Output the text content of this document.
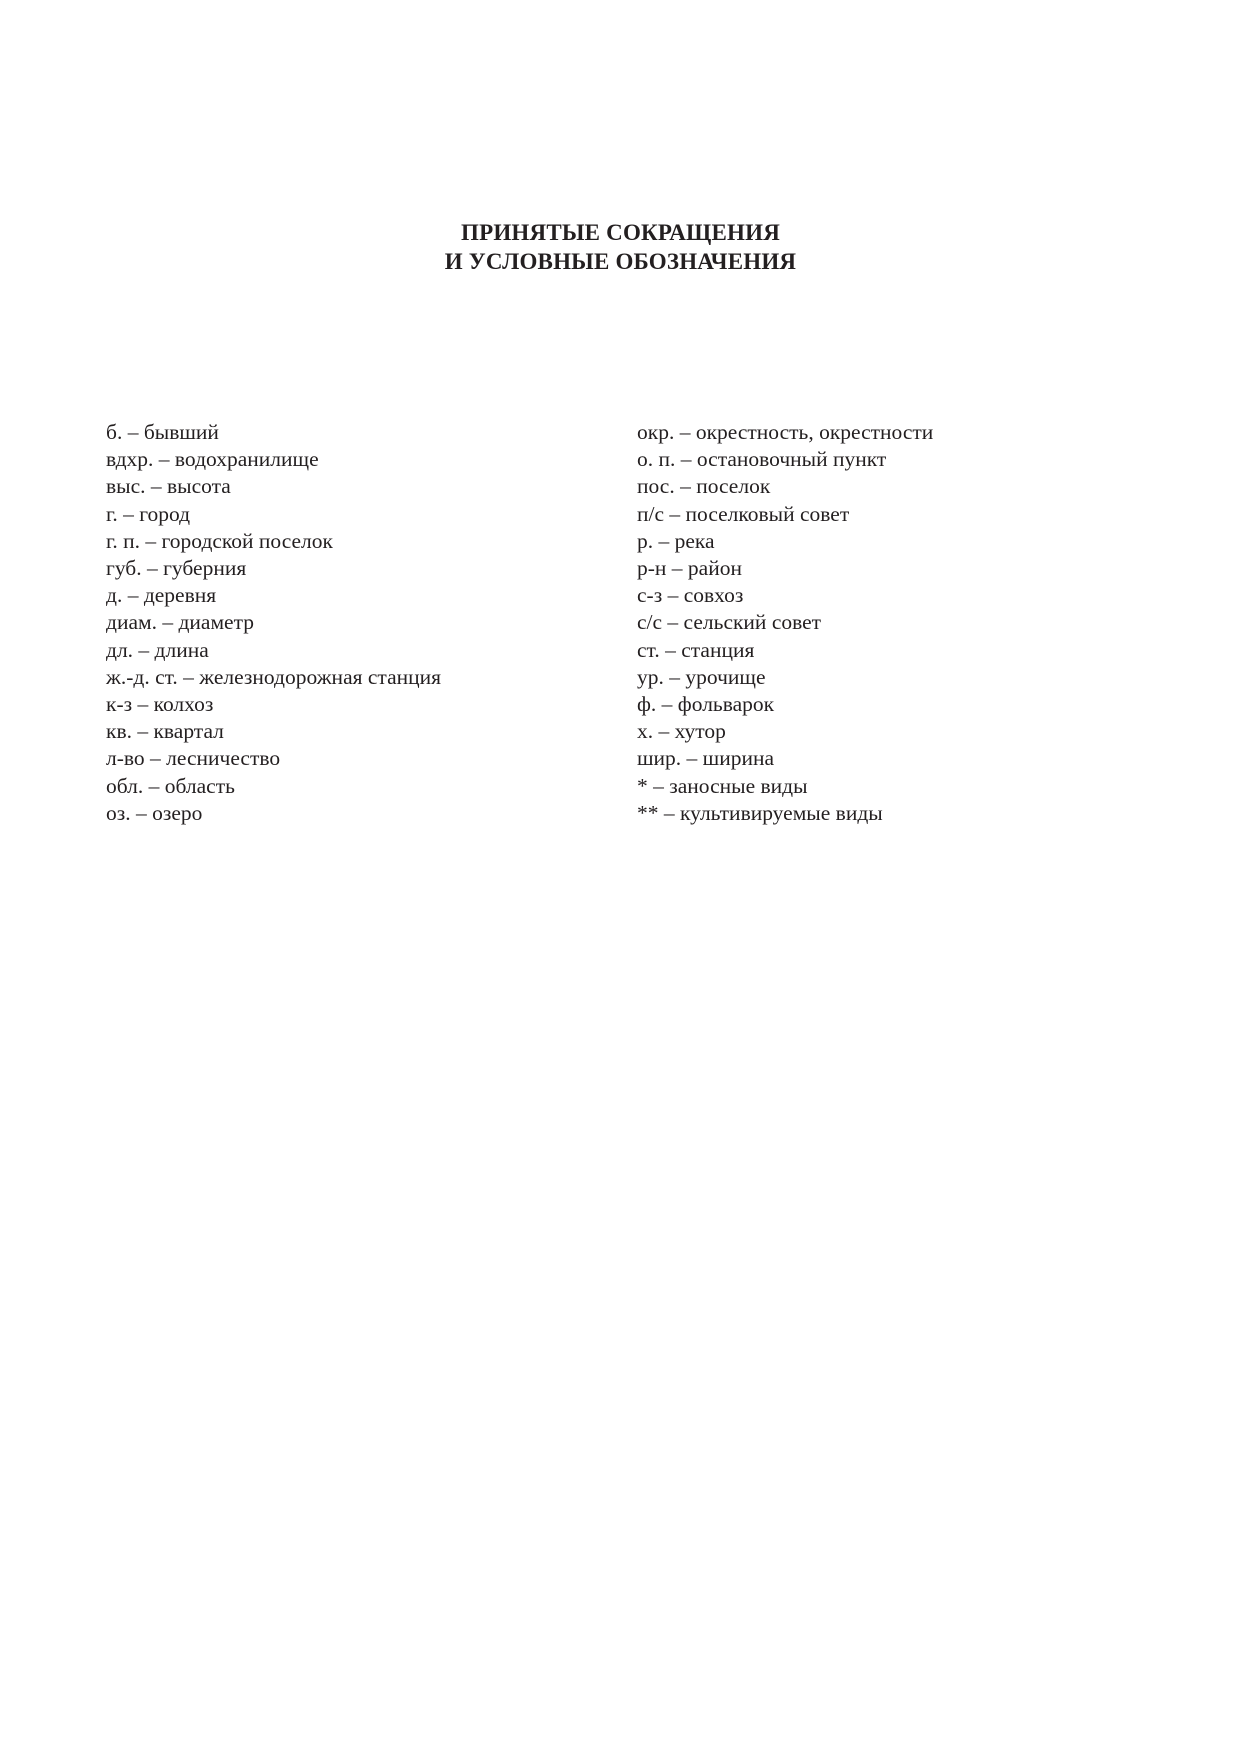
ПРИНЯТЫЕ СОКРАЩЕНИЯ
И УСЛОВНЫЕ ОБОЗНАЧЕНИЯ
б. – бывший
вдхр. – водохранилище
выс. – высота
г. – город
г. п. – городской поселок
губ. – губерния
д. – деревня
диам. – диаметр
дл. – длина
ж.-д. ст. – железнодорожная станция
к-з – колхоз
кв. – квартал
л-во – лесничество
обл. – область
оз. – озеро
окр. – окрестность, окрестности
о. п. – остановочный пункт
пос. – поселок
п/с – поселковый совет
р. – река
р-н – район
с-з – совхоз
с/с – сельский совет
ст. – станция
ур. – урочище
ф. – фольварок
х. – хутор
шир. – ширина
* – заносные виды
** – культивируемые виды
